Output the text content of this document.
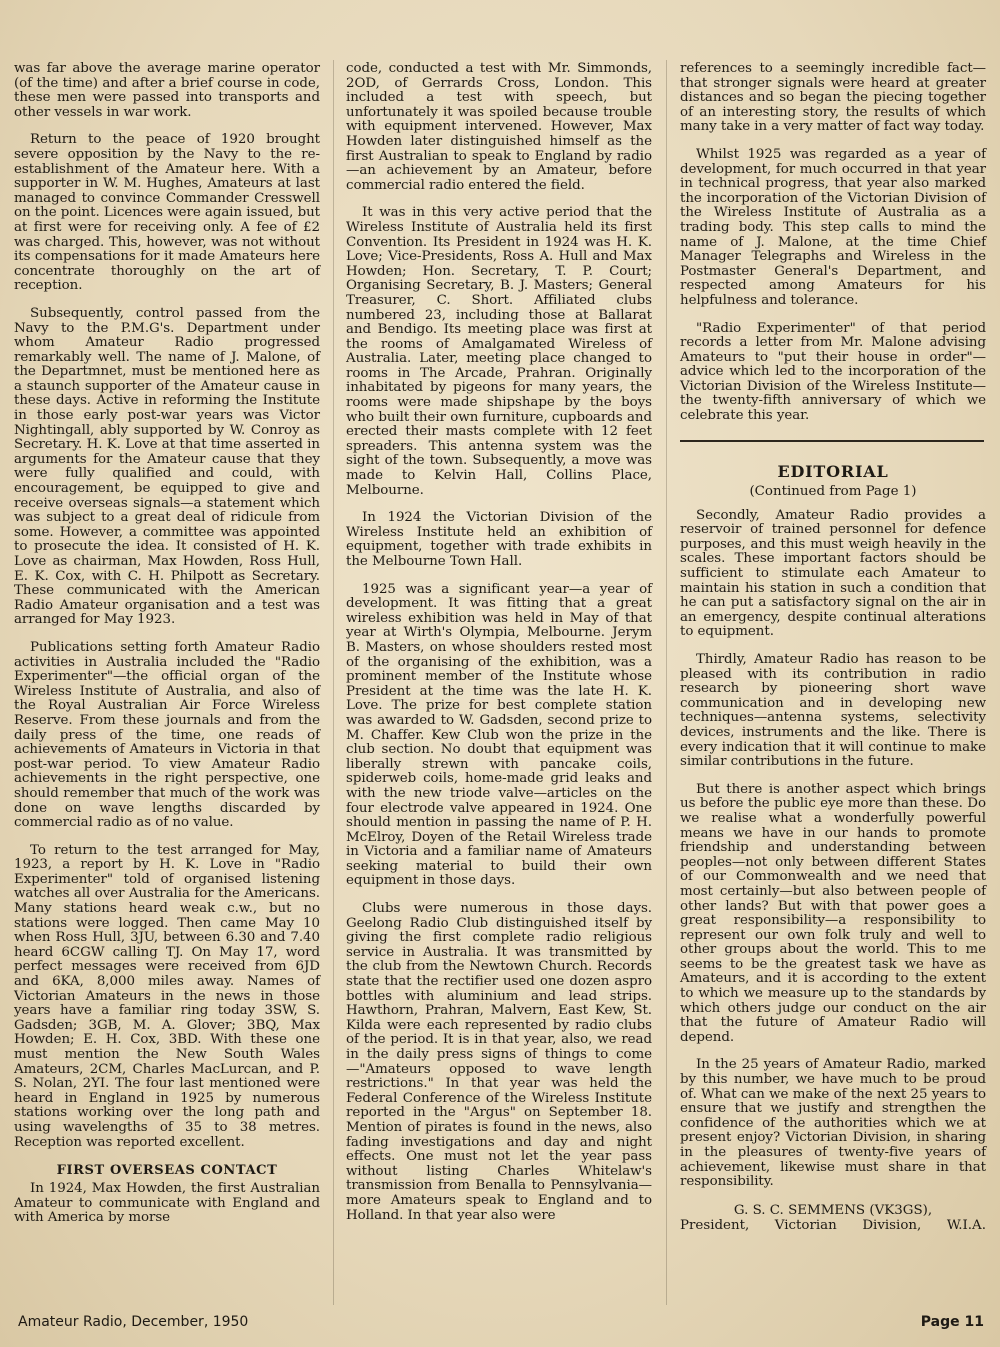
was far above the average marine operator (of the time) and after a brief course in code, these men were passed into transports and other vessels in war work.

Return to the peace of 1920 brought severe opposition by the Navy to the re-establishment of the Amateur here. With a supporter in W. M. Hughes, Amateurs at last managed to convince Commander Cresswell on the point. Licences were again issued, but at first were for receiving only. A fee of £2 was charged. This, however, was not without its compensations for it made Amateurs here concentrate thoroughly on the art of reception.

Subsequently, control passed from the Navy to the P.M.G's. Department under whom Amateur Radio progressed remarkably well. The name of J. Malone, of the Departmnet, must be mentioned here as a staunch supporter of the Amateur cause in these days. Active in reforming the Institute in those early post-war years was Victor Nightingall, ably supported by W. Conroy as Secretary. H. K. Love at that time asserted in arguments for the Amateur cause that they were fully qualified and could, with encouragement, be equipped to give and receive overseas signals—a statement which was subject to a great deal of ridicule from some. However, a committee was appointed to prosecute the idea. It consisted of H. K. Love as chairman, Max Howden, Ross Hull, E. K. Cox, with C. H. Philpott as Secretary. These communicated with the American Radio Amateur organisation and a test was arranged for May 1923.

Publications setting forth Amateur Radio activities in Australia included the "Radio Experimenter"—the official organ of the Wireless Institute of Australia, and also of the Royal Australian Air Force Wireless Reserve. From these journals and from the daily press of the time, one reads of achievements of Amateurs in Victoria in that post-war period. To view Amateur Radio achievements in the right perspective, one should remember that much of the work was done on wave lengths discarded by commercial radio as of no value.

To return to the test arranged for May, 1923, a report by H. K. Love in "Radio Experimenter" told of organised listening watches all over Australia for the Americans. Many stations heard weak c.w., but no stations were logged. Then came May 10 when Ross Hull, 3JU, between 6.30 and 7.40 heard 6CGW calling TJ. On May 17, word perfect messages were received from 6JD and 6KA, 8,000 miles away. Names of Victorian Amateurs in the news in those years have a familiar ring today 3SW, S. Gadsden; 3GB, M. A. Glover; 3BQ, Max Howden; E. H. Cox, 3BD. With these one must mention the New South Wales Amateurs, 2CM, Charles MacLurcan, and P. S. Nolan, 2YI. The four last mentioned were heard in England in 1925 by numerous stations working over the long path and using wavelengths of 35 to 38 metres. Reception was reported excellent.

FIRST OVERSEAS CONTACT

In 1924, Max Howden, the first Australian Amateur to communicate with England and with America by morse

code, conducted a test with Mr. Simmonds, 2OD, of Gerrards Cross, London. This included a test with speech, but unfortunately it was spoiled because trouble with equipment intervened. However, Max Howden later distinguished himself as the first Australian to speak to England by radio—an achievement by an Amateur, before commercial radio entered the field.

It was in this very active period that the Wireless Institute of Australia held its first Convention. Its President in 1924 was H. K. Love; Vice-Presidents, Ross A. Hull and Max Howden; Hon. Secretary, T. P. Court; Organising Secretary, B. J. Masters; General Treasurer, C. Short. Affiliated clubs numbered 23, including those at Ballarat and Bendigo. Its meeting place was first at the rooms of Amalgamated Wireless of Australia. Later, meeting place changed to rooms in The Arcade, Prahran. Originally inhabitated by pigeons for many years, the rooms were made shipshape by the boys who built their own furniture, cupboards and erected their masts complete with 12 feet spreaders. This antenna system was the sight of the town. Subsequently, a move was made to Kelvin Hall, Collins Place, Melbourne.

In 1924 the Victorian Division of the Wireless Institute held an exhibition of equipment, together with trade exhibits in the Melbourne Town Hall.

1925 was a significant year—a year of development. It was fitting that a great wireless exhibition was held in May of that year at Wirth's Olympia, Melbourne. Jerym B. Masters, on whose shoulders rested most of the organising of the exhibition, was a prominent member of the Institute whose President at the time was the late H. K. Love. The prize for best complete station was awarded to W. Gadsden, second prize to M. Chaffer. Kew Club won the prize in the club section. No doubt that equipment was liberally strewn with pancake coils, spiderweb coils, home-made grid leaks and with the new triode valve—articles on the four electrode valve appeared in 1924. One should mention in passing the name of P. H. McElroy, Doyen of the Retail Wireless trade in Victoria and a familiar name of Amateurs seeking material to build their own equipment in those days.

Clubs were numerous in those days. Geelong Radio Club distinguished itself by giving the first complete radio religious service in Australia. It was transmitted by the club from the Newtown Church. Records state that the rectifier used one dozen aspro bottles with aluminium and lead strips. Hawthorn, Prahran, Malvern, East Kew, St. Kilda were each represented by radio clubs of the period. It is in that year, also, we read in the daily press signs of things to come—"Amateurs opposed to wave length restrictions." In that year was held the Federal Conference of the Wireless Institute reported in the "Argus" on September 18. Mention of pirates is found in the news, also fading investigations and day and night effects. One must not let the year pass without listing Charles Whitelaw's transmission from Benalla to Pennsylvania—more Amateurs speak to England and to Holland. In that year also were

references to a seemingly incredible fact—that stronger signals were heard at greater distances and so began the piecing together of an interesting story, the results of which many take in a very matter of fact way today.

Whilst 1925 was regarded as a year of development, for much occurred in that year in technical progress, that year also marked the incorporation of the Victorian Division of the Wireless Institute of Australia as a trading body. This step calls to mind the name of J. Malone, at the time Chief Manager Telegraphs and Wireless in the Postmaster General's Department, and respected among Amateurs for his helpfulness and tolerance.

"Radio Experimenter" of that period records a letter from Mr. Malone advising Amateurs to "put their house in order"—advice which led to the incorporation of the Victorian Division of the Wireless Institute—the twenty-fifth anniversary of which we celebrate this year.

EDITORIAL
(Continued from Page 1)

Secondly, Amateur Radio provides a reservoir of trained personnel for defence purposes, and this must weigh heavily in the scales. These important factors should be sufficient to stimulate each Amateur to maintain his station in such a condition that he can put a satisfactory signal on the air in an emergency, despite continual alterations to equipment.

Thirdly, Amateur Radio has reason to be pleased with its contribution in radio research by pioneering short wave communication and in developing new techniques—antenna systems, selectivity devices, instruments and the like. There is every indication that it will continue to make similar contributions in the future.

But there is another aspect which brings us before the public eye more than these. Do we realise what a wonderfully powerful means we have in our hands to promote friendship and understanding between peoples—not only between different States of our Commonwealth and we need that most certainly—but also between people of other lands? But with that power goes a great responsibility—a responsibility to represent our own folk truly and well to other groups about the world. This to me seems to be the greatest task we have as Amateurs, and it is according to the extent to which we measure up to the standards by which others judge our conduct on the air that the future of Amateur Radio will depend.

In the 25 years of Amateur Radio, marked by this number, we have much to be proud of. What can we make of the next 25 years to ensure that we justify and strengthen the confidence of the authorities which we at present enjoy? Victorian Division, in sharing in the pleasures of twenty-five years of achievement, likewise must share in that responsibility.

G. S. C. SEMMENS (VK3GS),

President, Victorian Division, W.I.A.

Amateur Radio, December, 1950	Page 11
